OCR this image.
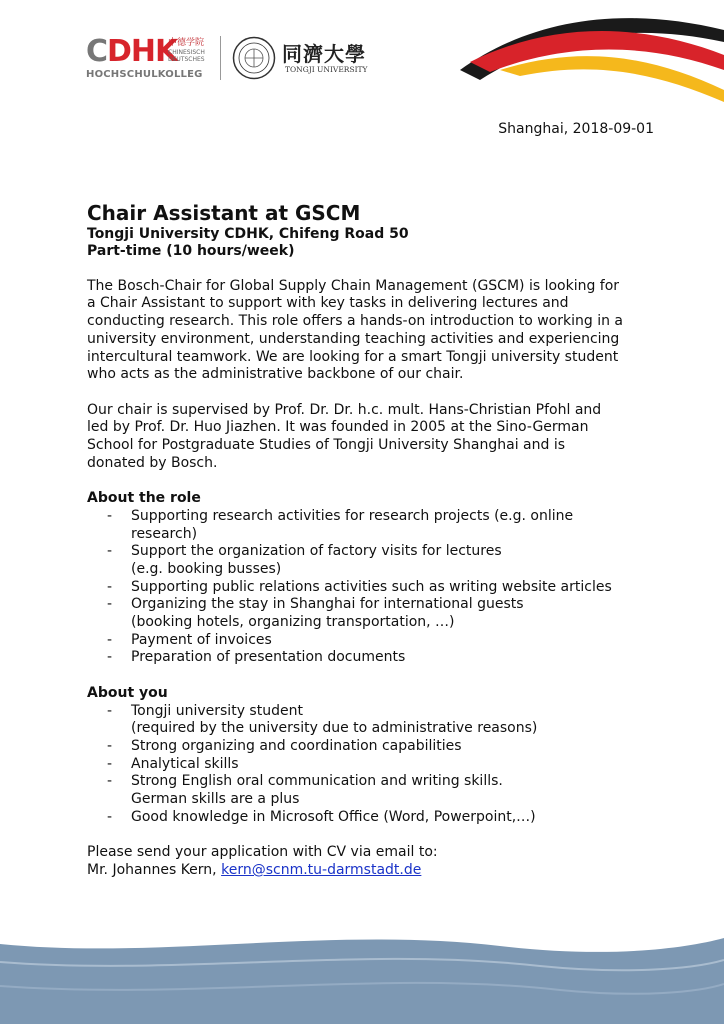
CDHK
中德学院
CHINESISCH
DEUTSCHES
HOCHSCHULKOLLEG
同濟大學
TONGJI UNIVERSITY
Shanghai, 2018-09-01
Chair Assistant at GSCM

Tongji University CDHK, Chifeng Road 50

Part-time (10 hours/week)

The Bosch-Chair for Global Supply Chain Management (GSCM) is looking for

a Chair Assistant to support with key tasks in delivering lectures and

conducting research. This role offers a hands-on introduction to working in a

university environment, understanding teaching activities and experiencing

intercultural teamwork. We are looking for a smart Tongji university student

who acts as the administrative backbone of our chair.

Our chair is supervised by Prof. Dr. Dr. h.c. mult. Hans-Christian Pfohl and

led by Prof. Dr. Huo Jiazhen. It was founded in 2005 at the Sino-German

School for Postgraduate Studies of Tongji University Shanghai and is

donated by Bosch.

About the role

- Supporting research activities for research projects (e.g. online
research)
- Support the organization of factory visits for lectures
(e.g. booking busses)
- Supporting public relations activities such as writing website articles
- Organizing the stay in Shanghai for international guests
(booking hotels, organizing transportation, …)
- Payment of invoices
- Preparation of presentation documents

About you

- Tongji university student
(required by the university due to administrative reasons)
- Strong organizing and coordination capabilities
- Analytical skills
- Strong English oral communication and writing skills.
German skills are a plus
- Good knowledge in Microsoft Office (Word, Powerpoint,…)

Please send your application with CV via email to:

Mr. Johannes Kern, kern@scnm.tu-darmstadt.de
